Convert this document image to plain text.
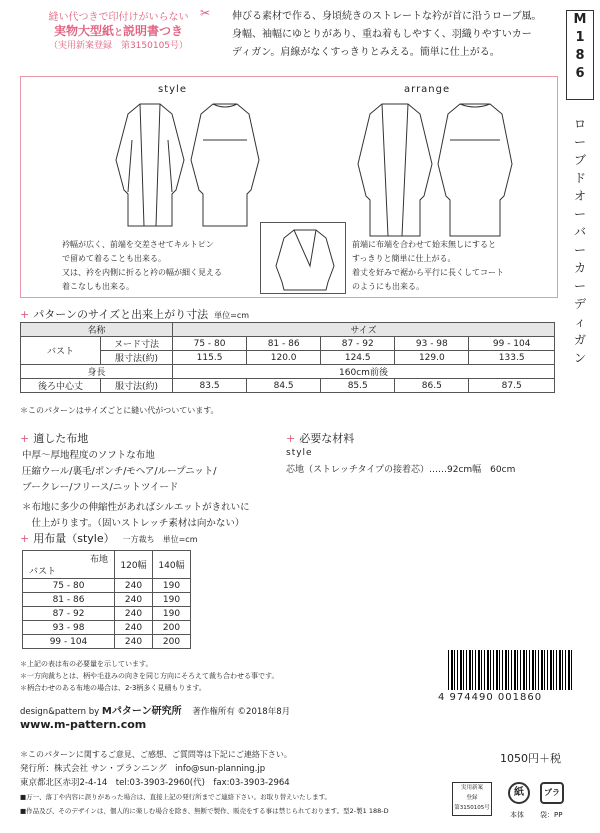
縫い代つきで印付けがいらない ✂
実物大型紙と説明書つき
（実用新案登録　第3150105号）
伸びる素材で作る、身頃続きのストレートな衿が首に沿うローブ風。
身幅、袖幅にゆとりがあり、重ね着もしやすく、羽織りやすいカー
ディガン。肩線がなくすっきりとみえる。簡単に仕上がる。
M
1
8
6
ロ
ー
ブ
ド
オ
ー
バ
ー
カ
ー
デ
ィ
ガ
ン
style	arrange
衿幅が広く、前端を交差させてキルトピン
で留めて着ることも出来る。
又は、衿を内側に折ると衿の幅が細く見える
着こなしも出来る。
前端に布端を合わせて始末無しにすると
すっきりと簡単に仕上がる。
着丈を好みで裾から平行に長くしてコート
のようにも出来る。
+ パターンのサイズと出来上がり寸法 単位=cm
名称		サイズ				
バスト	ヌード寸法	75 - 80	81 - 86	87 - 92	93 - 98	99 - 104
	服寸法(約)	115.5	120.0	124.5	129.0	133.5
身長		160cm前後				
後ろ中心丈	服寸法(約)	83.5	84.5	85.5	86.5	87.5
＊このパターンはサイズごとに縫い代がついています。
+ 適した布地
中厚～厚地程度のソフトな布地
圧縮ウール/裏毛/ポンチ/モヘア/ループニット/
ブークレー/フリース/ニットツイード
＊布地に多少の伸縮性があればシルエットがきれいに
　仕上がります。（固いストレッチ素材は向かない）
+ 必要な材料
style
芯地（ストレッチタイプの接着芯）……92cm幅　60cm
+ 用布量（style） 一方裁ち　単位=cm
布地
バスト	120幅	140幅
75 - 80	240	190
81 - 86	240	190
87 - 92	240	190
93 - 98	240	200
99 - 104	240	200
＊上記の表は布の必要量を示しています。
＊一方向裁ちとは、柄や毛並みの向きを同じ方向にそろえて裁ち合わせる事です。
＊柄合わせのある布地の場合は、2-3柄多く見積もります。
design&pattern by Mパターン研究所 著作権所有 ©2018年8月
www.m-pattern.com
4 974490 001860
1050円＋税
＊このパターンに関するご意見、ご感想、ご質問等は下記にご連絡下さい。
発行所：株式会社 サン・プランニング　info@sun-planning.jp
東京都北区赤羽2-4-14　tel:03-3903-2960(代)　fax:03-3903-2964
■万一、落丁や内容に誤りがあった場合は、直接上記の発行所までご連絡下さい。お取り替えいたします。
■作品及び、そのデザインは、個人的に楽しむ場合を除き、無断で製作、販売をする事は禁じられております。型2-製1 188-D
実用新案
登録
第3150105号
紙	プラ
本体 袋：PP
